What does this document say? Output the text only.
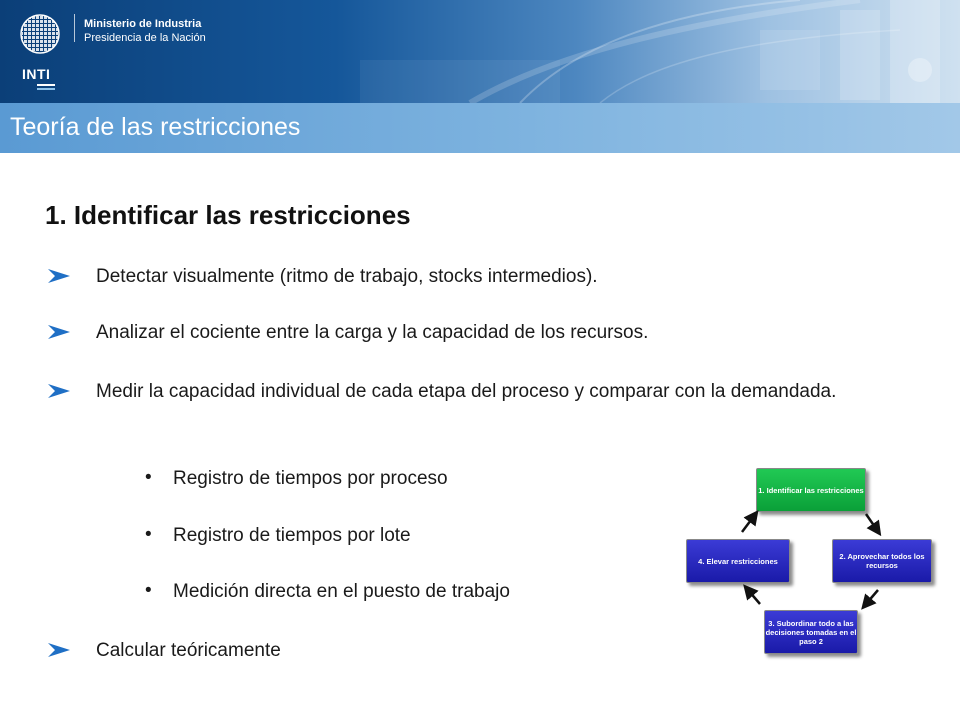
INTI
Ministerio de Industria
Presidencia de la Nación
Teoría de las restricciones
1. Identificar las restricciones
Detectar visualmente (ritmo de trabajo, stocks intermedios).
Analizar el cociente entre la carga y la capacidad de los recursos.
Medir la capacidad individual de cada etapa del proceso y comparar con la demandada.
• Registro de tiempos por proceso
• Registro de tiempos por lote
• Medición directa en el puesto de trabajo
Calcular teóricamente
1. Identificar las restricciones
2. Aprovechar todos los recursos
3. Subordinar todo a las decisiones tomadas en el paso 2
4. Elevar restricciones
